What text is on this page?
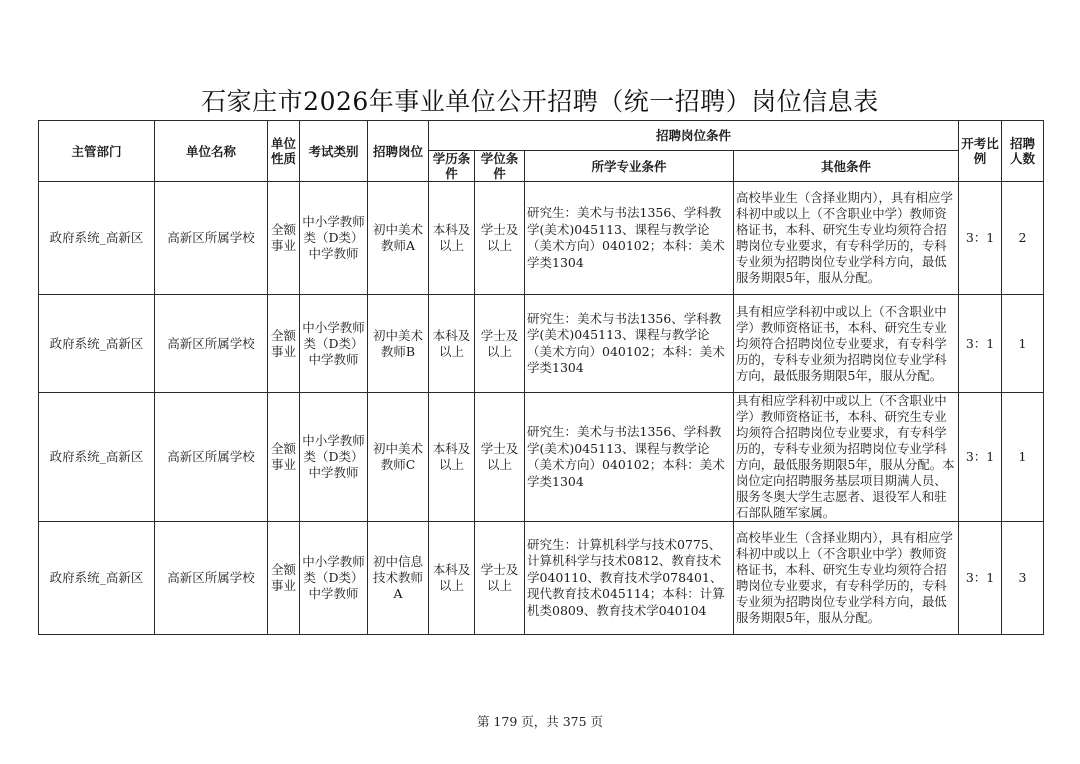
石家庄市2026年事业单位公开招聘（统一招聘）岗位信息表
主管部门	单位名称	单位性质	考试类别	招聘岗位	招聘岗位条件				开考比例	招聘人数
					学历条件	学位条件	所学专业条件	其他条件		
政府系统_高新区	高新区所属学校	全额事业	中小学教师类（D类）中学教师	初中美术教师A	本科及以上	学士及以上	研究生：美术与书法1356、学科教学(美术)045113、课程与教学论（美术方向）040102；本科：美术学类1304	高校毕业生（含择业期内），具有相应学科初中或以上（不含职业中学）教师资格证书，本科、研究生专业均须符合招聘岗位专业要求，有专科学历的，专科专业须为招聘岗位专业学科方向，最低服务期限5年，服从分配。	3：1	2
政府系统_高新区	高新区所属学校	全额事业	中小学教师类（D类）中学教师	初中美术教师B	本科及以上	学士及以上	研究生：美术与书法1356、学科教学(美术)045113、课程与教学论（美术方向）040102；本科：美术学类1304	具有相应学科初中或以上（不含职业中学）教师资格证书，本科、研究生专业均须符合招聘岗位专业要求，有专科学历的，专科专业须为招聘岗位专业学科方向，最低服务期限5年，服从分配。	3：1	1
政府系统_高新区	高新区所属学校	全额事业	中小学教师类（D类）中学教师	初中美术教师C	本科及以上	学士及以上	研究生：美术与书法1356、学科教学(美术)045113、课程与教学论（美术方向）040102；本科：美术学类1304	具有相应学科初中或以上（不含职业中学）教师资格证书，本科、研究生专业均须符合招聘岗位专业要求，有专科学历的，专科专业须为招聘岗位专业学科方向，最低服务期限5年，服从分配。本岗位定向招聘服务基层项目期满人员、服务冬奥大学生志愿者、退役军人和驻石部队随军家属。	3：1	1
政府系统_高新区	高新区所属学校	全额事业	中小学教师类（D类）中学教师	初中信息技术教师A	本科及以上	学士及以上	研究生：计算机科学与技术0775、计算机科学与技术0812、教育技术学040110、教育技术学078401、现代教育技术045114；本科：计算机类0809、教育技术学040104	高校毕业生（含择业期内），具有相应学科初中或以上（不含职业中学）教师资格证书，本科、研究生专业均须符合招聘岗位专业要求，有专科学历的，专科专业须为招聘岗位专业学科方向，最低服务期限5年，服从分配。	3：1	3
第 179 页，共 375 页
